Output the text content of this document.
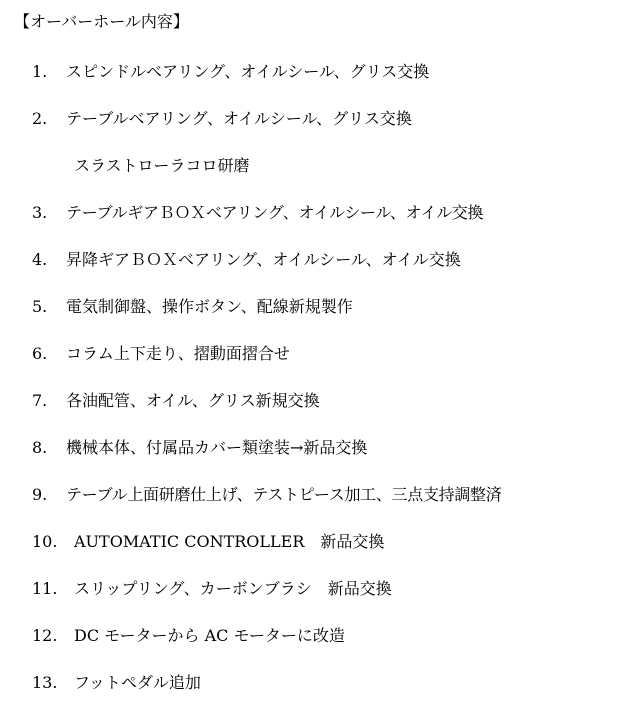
【オーバーホール内容】
1. スピンドルベアリング、オイルシール、グリス交換
2. テーブルベアリング、オイルシール、グリス交換
スラストローラコロ研磨
3. テーブルギアＢＯＸベアリング、オイルシール、オイル交換
4. 昇降ギアＢＯＸベアリング、オイルシール、オイル交換
5. 電気制御盤、操作ボタン、配線新規製作
6. コラム上下走り、摺動面摺合せ
7. 各油配管、オイル、グリス新規交換
8. 機械本体、付属品カバー類塗装→新品交換
9. テーブル上面研磨仕上げ、テストピース加工、三点支持調整済
10. AUTOMATIC CONTROLLER　新品交換
11. スリップリング、カーボンブラシ　新品交換
12. DC モーターから AC モーターに改造
13. フットペダル追加
